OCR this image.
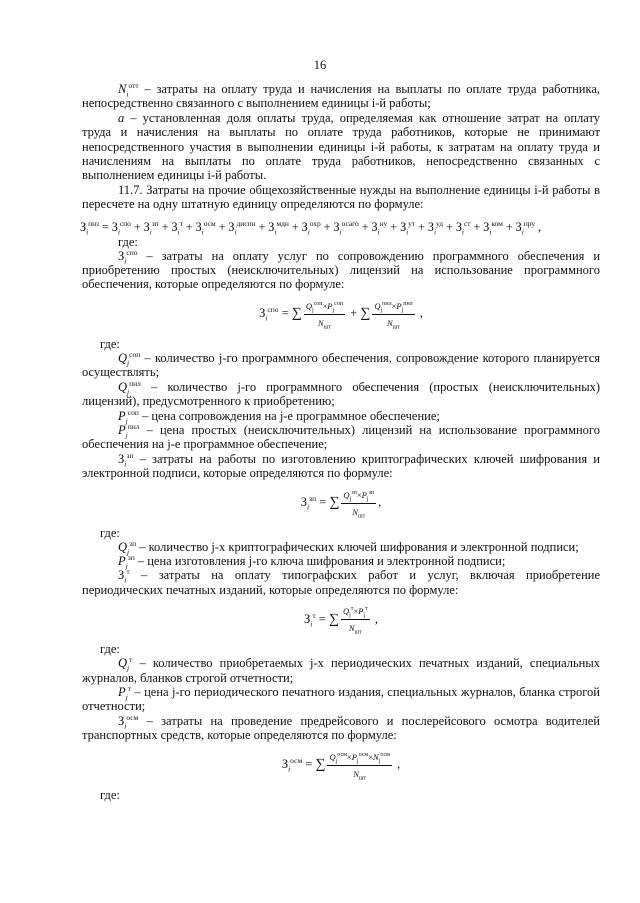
16

$N_i^{отт}$ – затраты на оплату труда и начисления на выплаты по оплате труда работника, непосредственно связанного с выполнением единицы i-й работы;

a – установленная доля оплаты труда, определяемая как отношение затрат на оплату труда и начисления на выплаты по оплате труда работников, которые не принимают непосредственного участия в выполнении единицы i-й работы, к затратам на оплату труда и начислениям на выплаты по оплате труда работников, непосредственно связанных с выполнением единицы i-й работы.

11.7. Затраты на прочие общехозяйственные нужды на выполнение единицы i-й работы в пересчете на одну штатную единицу определяются по формуле:

$З_i^{пнз} = З_i^{спо} + З_i^{зп} + З_i^т + З_i^{осм} + З_i^{диспн} + З_i^{мдн} + З_i^{охр} + З_i^{осаго} + З_i^{ну} + З_i^{ут} + З_i^{уд} + З_i^{ст} + З_i^{ком} + З_i^{пру}$ ,

где:

$З_i^{спо}$ – затраты на оплату услуг по сопровождению программного обеспечения и приобретению простых (неисключительных) лицензий на использование программного обеспечения, которые определяются по формуле:

$З_i^{спо}$ = ∑ $\frac{Q_j^{соп}\times P_j^{соп}}{N_{шт}}$ + ∑ $\frac{Q_j^{пнл}\times P_j^{пнл}}{N_{шт}}$ ,

где:

$Q_j^{соп}$ – количество j-го программного обеспечения, сопровождение которого планируется осуществлять;

$Q_j^{пнл}$ – количество j-го программного обеспечения (простых (неисключительных) лицензий), предусмотренного к приобретению;

$P_j^{соп}$ – цена сопровождения на j-е программное обеспечение;

$P_j^{пнл}$ – цена простых (неисключительных) лицензий на использование программного обеспечения на j-е программное обеспечение;

$З_i^{зп}$ – затраты на работы по изготовлению криптографических ключей шифрования и электронной подписи, которые определяются по формуле:

$З_i^{зп}$ = ∑ $\frac{Q_j^{зп}\times P_j^{зп}}{N_{шт}}$ ,

где:

$Q_j^{зп}$ – количество j-х криптографических ключей шифрования и электронной подписи;

$P_j^{зп}$ – цена изготовления j-го ключа шифрования и электронной подписи;

$З_i^т$ – затраты на оплату типографских работ и услуг, включая приобретение периодических печатных изданий, которые определяются по формуле:

$З_i^т$ = ∑ $\frac{Q_j^т\times P_j^т}{N_{шт}}$ ,

где:

$Q_j^т$ – количество приобретаемых j-х периодических печатных изданий, специальных журналов, бланков строгой отчетности;

$P_j^т$ – цена j-го периодического печатного издания, специальных журналов, бланка строгой отчетности;

$З_i^{осм}$ – затраты на проведение предрейсового и послерейсового осмотра водителей транспортных средств, которые определяются по формуле:

$З_i^{осм}$ = ∑ $\frac{Q_j^{осм}\times P_j^{осм}\times N_j^{осм}}{N_{шт}}$ ,

где:
